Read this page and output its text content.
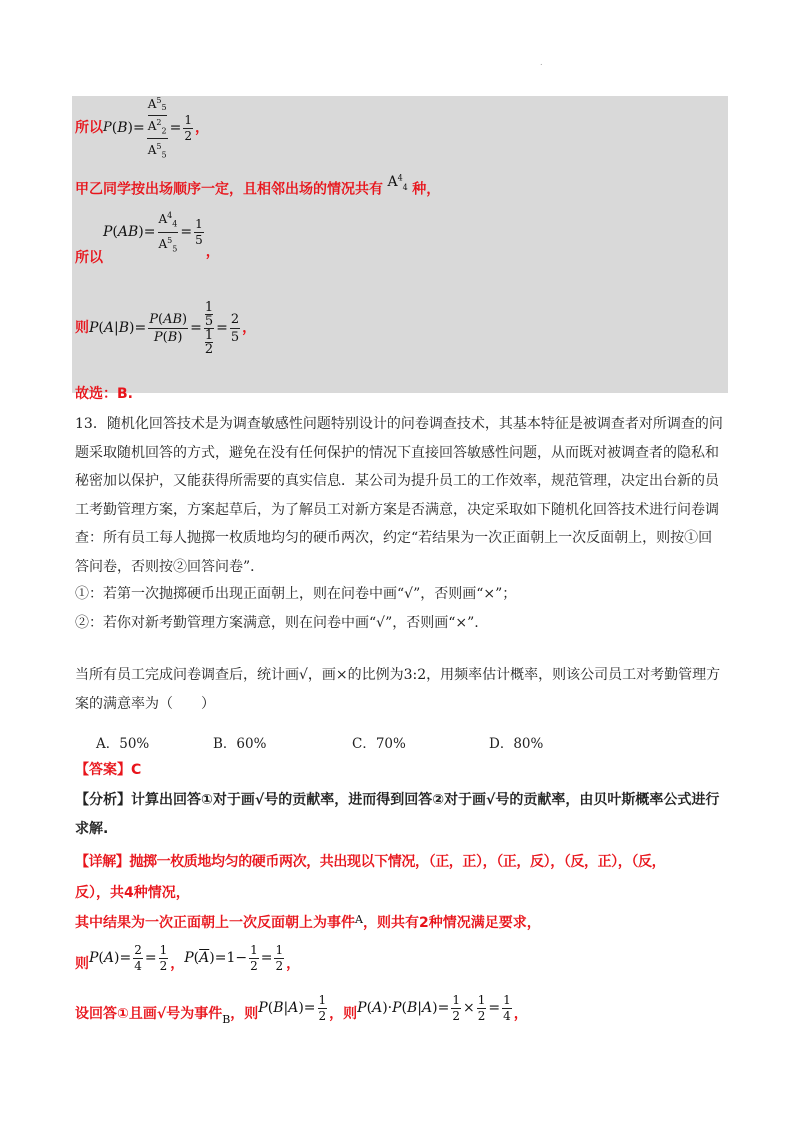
.
所以 P ( B )= $A^5_5$
$A^2_2$
$A^5_5 = \frac{1}{2}$ ，
甲乙同学按出场顺序一定，且相邻出场的情况共有 $A^4_4$ 种，
所以
P ( AB )= $\frac{A^4_4}{A^5_5} = \frac{1}{5}$
，
则 P ( A | B )= $\frac{P(AB)}{P(B)} = 1$
5
1
$2 = \frac{2}{5}$ ，
故选：B.
13．随机化回答技术是为调查敏感性问题特别设计的问卷调查技术，其基本特征是被调查者对所调查的问题采取随机回答的方式，避免在没有任何保护的情况下直接回答敏感性问题，从而既对被调查者的隐私和秘密加以保护，又能获得所需要的真实信息．某公司为提升员工的工作效率，规范管理，决定出台新的员工考勤管理方案，方案起草后，为了解员工对新方案是否满意，决定采取如下随机化回答技术进行问卷调查：所有员工每人抛掷一枚质地均匀的硬币两次，约定“若结果为一次正面朝上一次反面朝上，则按①回答问卷，否则按②回答问卷”．
①：若第一次抛掷硬币出现正面朝上，则在问卷中画“√”，否则画“×”；
②：若你对新考勤管理方案满意，则在问卷中画“√”，否则画“×”.
当所有员工完成问卷调查后，统计画√，画×的比例为3:2，用频率估计概率，则该公司员工对考勤管理方案的满意率为（　　）
A．50%	B．60%	C．70%	D．80%
【答案】C
【分析】计算出回答①对于画√号的贡献率，进而得到回答②对于画√号的贡献率，由贝叶斯概率公式进行求解.
【详解】抛掷一枚质地均匀的硬币两次，共出现以下情况，（正，正），（正，反），（反，正），（反，
反），共4种情况，
其中结果为一次正面朝上一次反面朝上为事件$^A$，则共有2种情况满足要求，
则 P ( A )= $\frac{2}{4} = \frac{1}{2}$ ， P ( $\overline{A}$ )$=1- \frac{1}{2} = \frac{1}{2}$ ，
设回答①且画√号为事件 B ，则 P ( B | A )= $\frac{1}{2}$ ，则 P ( A )· P ( B | A )= $\frac{1}{2} \times \frac{1}{2} = \frac{1}{4}$ ，
